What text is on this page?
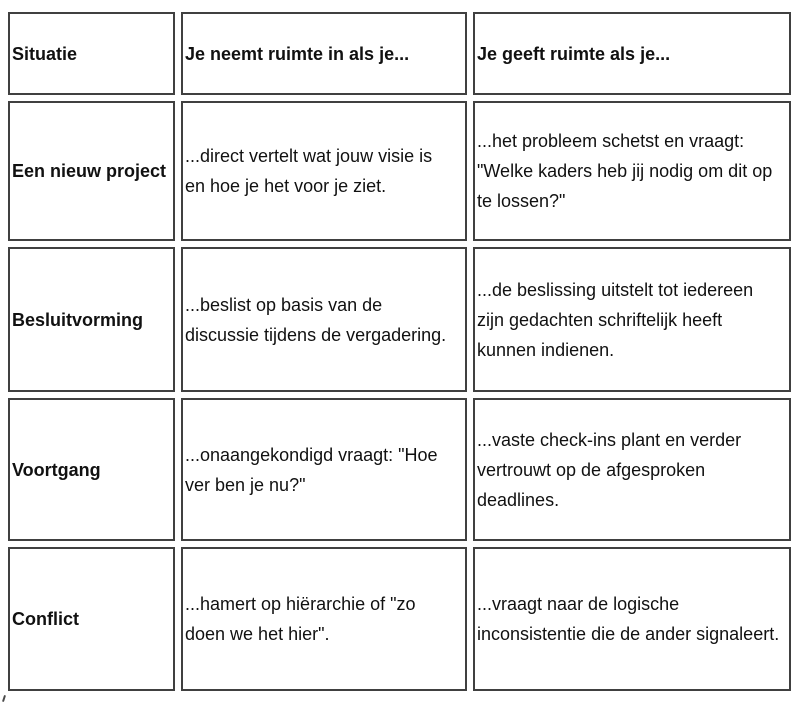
Situatie	Je neemt ruimte in als je...	Je geeft ruimte als je...
Een nieuw project
...direct vertelt wat jouw visie is en hoe je het voor je ziet.
...het probleem schetst en vraagt: "Welke kaders heb jij nodig om dit op te lossen?"
Besluitvorming
...beslist op basis van de discussie tijdens de vergadering.
...de beslissing uitstelt tot iedereen zijn gedachten schriftelijk heeft kunnen indienen.
Voortgang
...onaangekondigd vraagt: "Hoe ver ben je nu?"
...vaste check-ins plant en verder vertrouwt op de afgesproken deadlines.
Conflict
...hamert op hiërarchie of "zo doen we het hier".
...vraagt naar de logische inconsistentie die de ander signaleert.
